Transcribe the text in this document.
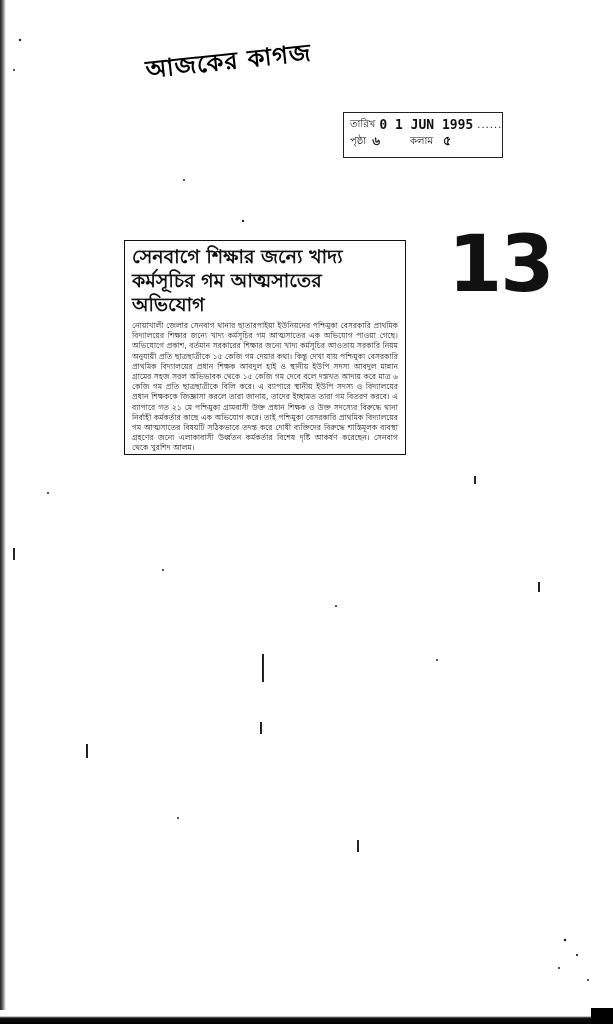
আজকের কাগজ
তারিখ 0 1 JUN 1995 ......
পৃষ্ঠা ৬	কলাম ৫
13
সেনবাগে শিক্ষার জন্যে খাদ্য কর্মসূচির গম আত্মসাতের অভিযোগ

নোয়াখালী জেলার সেনবাগ থানার ছাতারপাইয়া ইউনিয়নের পশ্চিমুকা বেসরকারি প্রাথমিক বিদ্যালয়ের শিক্ষার জন্যে খাদ্য কর্মসূচির গম আত্মসাতের এক অভিযোগ পাওয়া গেছে। অভিযোগে প্রকাশ, বর্তমান সরকারের শিক্ষার জন্যে খাদ্য কর্মসূচির আওতায় সরকারি নিয়ম অনুযায়ী প্রতি ছাত্রছাত্রীকে ১৫ কেজি গম দেয়ার কথা। কিন্তু দেখা যায় পশ্চিমুকা বেসরকারি প্রাথমিক বিদ্যালয়ের প্রধান শিক্ষক আবদুল হাই ও স্থানীয় ইউপি সদস্য আবদুল মান্নান গ্রামের সহজ সরল অভিভাবক থেকে ১৫ কেজি গম দেবে বলে দস্তখত আদায় করে মাত্র ৬ কেজি গম প্রতি ছাত্রছাত্রীকে বিলি করে। এ ব্যাপারে স্থানীয় ইউপি সদস্য ও বিদ্যালয়ের প্রধান শিক্ষককে জিজ্ঞাসা করলে তারা জানায়, তাদের ইচ্ছামত তারা গম বিতরণ করবে। এ ব্যাপারে গত ২১ মে পশ্চিমুকা গ্রামবাসী উক্ত প্রধান শিক্ষক ও উক্ত সদস্যের বিরুদ্ধে থানা নির্বাহী কর্মকর্তার কাছে এক অভিযোগ করে। তাই পশ্চিমুকা বেসরকারি প্রাথমিক বিদ্যালয়ের গম আত্মসাতের বিষয়টি সঠিকভাবে তদন্ত করে দোষী ব্যক্তিদের বিরুদ্ধে শাস্তিমূলক ব্যবস্থা গ্রহণের জন্যে এলাকাবাসী উর্ধ্বতন কর্মকর্তার বিশেষ দৃষ্টি আকর্ষণ করেছেন। সেনবাগ থেকে খুরশিদ আলম।
